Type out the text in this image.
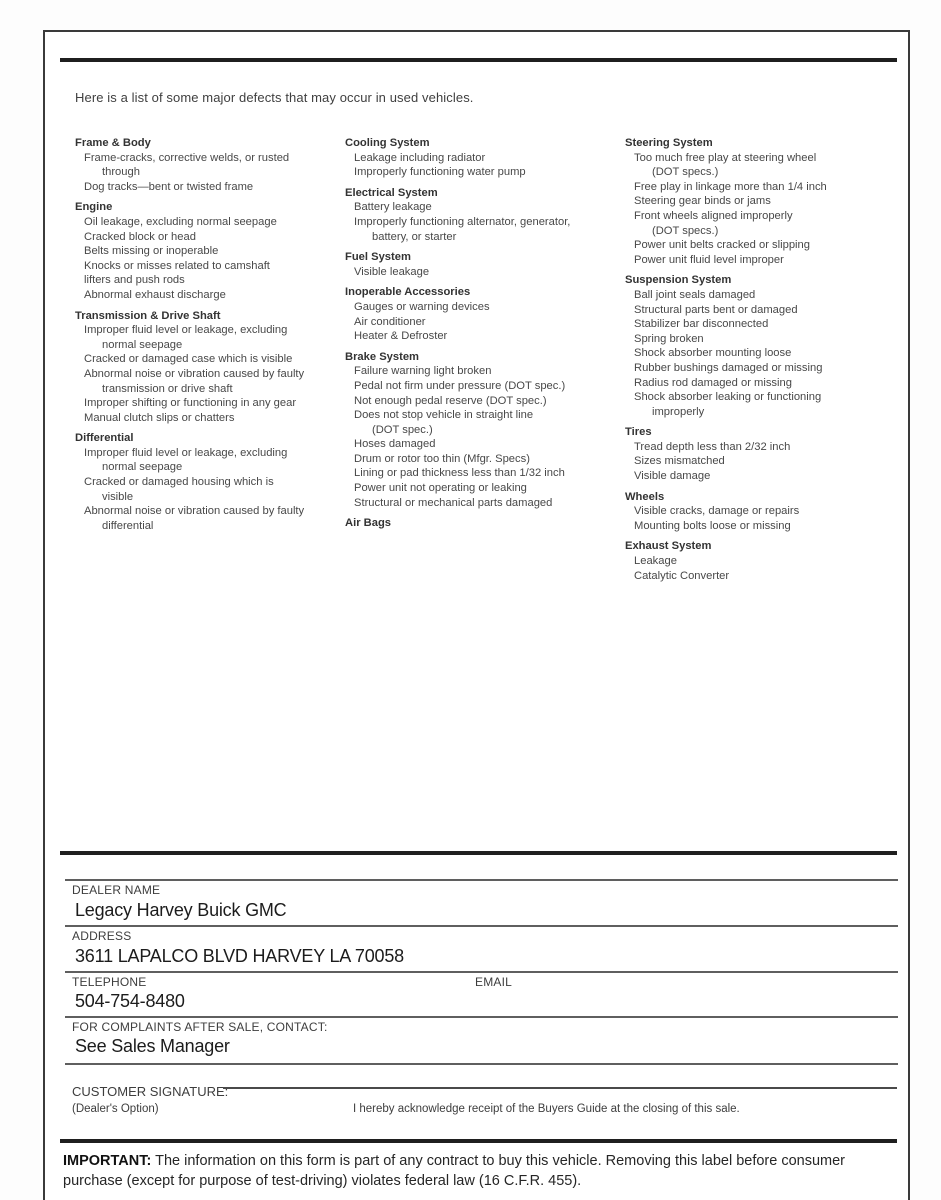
Here is a list of some major defects that may occur in used vehicles.
Frame & Body
Frame-cracks, corrective welds, or rusted
through
Dog tracks—bent or twisted frame
Engine
Oil leakage, excluding normal seepage
Cracked block or head
Belts missing or inoperable
Knocks or misses related to camshaft
lifters and push rods
Abnormal exhaust discharge
Transmission & Drive Shaft
Improper fluid level or leakage, excluding
normal seepage
Cracked or damaged case which is visible
Abnormal noise or vibration caused by faulty
transmission or drive shaft
Improper shifting or functioning in any gear
Manual clutch slips or chatters
Differential
Improper fluid level or leakage, excluding
normal seepage
Cracked or damaged housing which is
visible
Abnormal noise or vibration caused by faulty
differential
Cooling System
Leakage including radiator
Improperly functioning water pump
Electrical System
Battery leakage
Improperly functioning alternator, generator,
battery, or starter
Fuel System
Visible leakage
Inoperable Accessories
Gauges or warning devices
Air conditioner
Heater & Defroster
Brake System
Failure warning light broken
Pedal not firm under pressure (DOT spec.)
Not enough pedal reserve (DOT spec.)
Does not stop vehicle in straight line
(DOT spec.)
Hoses damaged
Drum or rotor too thin (Mfgr. Specs)
Lining or pad thickness less than 1/32 inch
Power unit not operating or leaking
Structural or mechanical parts damaged
Air Bags
Steering System
Too much free play at steering wheel
(DOT specs.)
Free play in linkage more than 1/4 inch
Steering gear binds or jams
Front wheels aligned improperly
(DOT specs.)
Power unit belts cracked or slipping
Power unit fluid level improper
Suspension System
Ball joint seals damaged
Structural parts bent or damaged
Stabilizer bar disconnected
Spring broken
Shock absorber mounting loose
Rubber bushings damaged or missing
Radius rod damaged or missing
Shock absorber leaking or functioning
improperly
Tires
Tread depth less than 2/32 inch
Sizes mismatched
Visible damage
Wheels
Visible cracks, damage or repairs
Mounting bolts loose or missing
Exhaust System
Leakage
Catalytic Converter
DEALER NAME
Legacy Harvey Buick GMC
ADDRESS
3611 LAPALCO BLVD HARVEY LA 70058
TELEPHONE	EMAIL
504-754-8480
FOR COMPLAINTS AFTER SALE, CONTACT:
See Sales Manager
CUSTOMER SIGNATURE:
(Dealer's Option)	I hereby acknowledge receipt of the Buyers Guide at the closing of this sale.
IMPORTANT: The information on this form is part of any contract to buy this vehicle. Removing this label before consumer purchase (except for purpose of test-driving) violates federal law (16 C.F.R. 455).
